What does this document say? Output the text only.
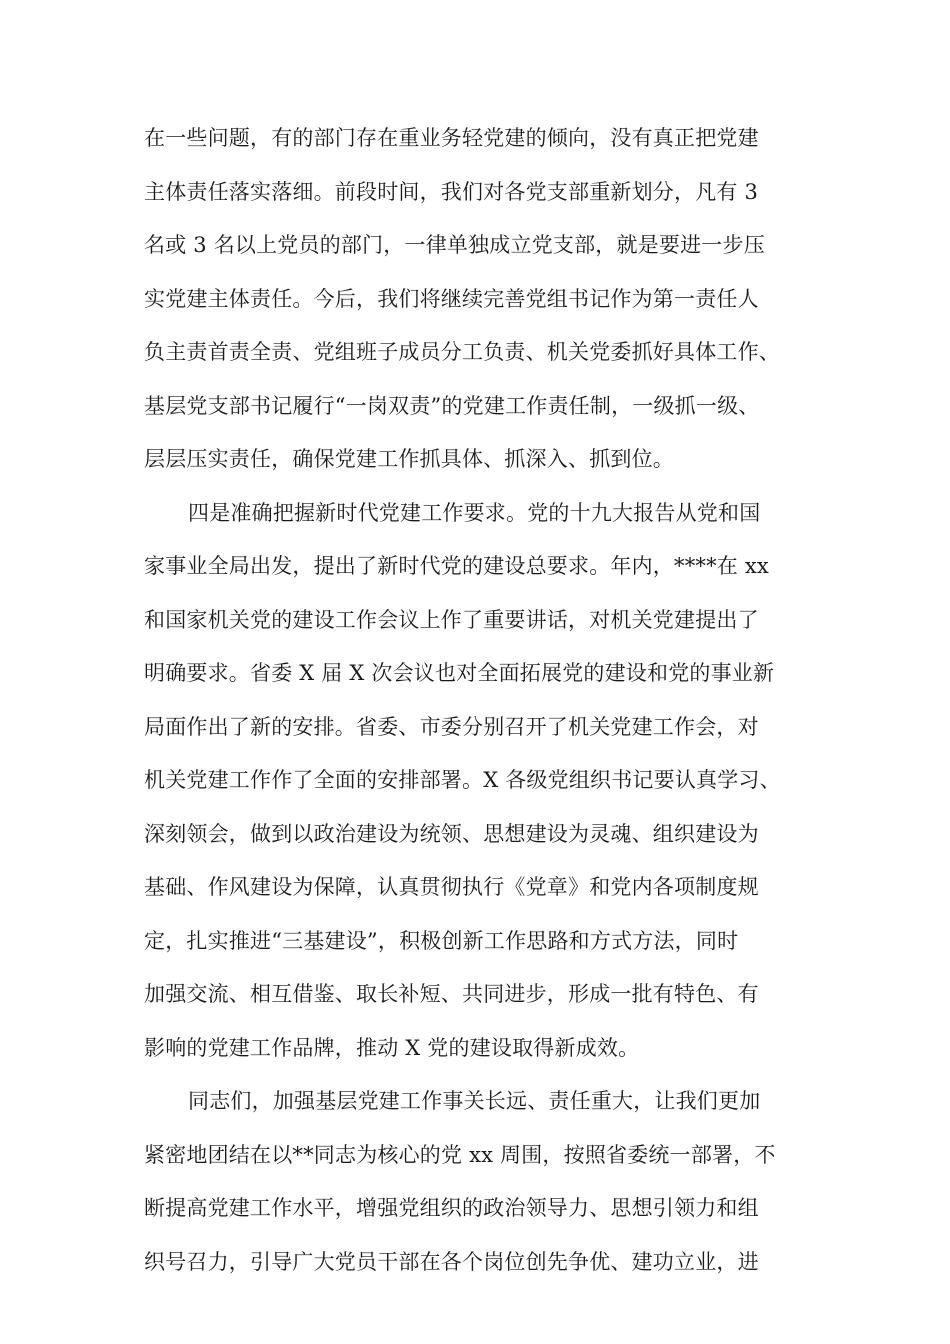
在一些问题，有的部门存在重业务轻党建的倾向，没有真正把党建
主体责任落实落细。前段时间，我们对各党支部重新划分，凡有 3
名或 3 名以上党员的部门，一律单独成立党支部，就是要进一步压
实党建主体责任。今后，我们将继续完善党组书记作为第一责任人
负主责首责全责、党组班子成员分工负责、机关党委抓好具体工作、
基层党支部书记履行“一岗双责”的党建工作责任制，一级抓一级、
层层压实责任，确保党建工作抓具体、抓深入、抓到位。
四是准确把握新时代党建工作要求。党的十九大报告从党和国
家事业全局出发，提出了新时代党的建设总要求。年内，****在 xx
和国家机关党的建设工作会议上作了重要讲话，对机关党建提出了
明确要求。省委 X 届 X 次会议也对全面拓展党的建设和党的事业新
局面作出了新的安排。省委、市委分别召开了机关党建工作会，对
机关党建工作作了全面的安排部署。X 各级党组织书记要认真学习、
深刻领会，做到以政治建设为统领、思想建设为灵魂、组织建设为
基础、作风建设为保障，认真贯彻执行《党章》和党内各项制度规
定，扎实推进“三基建设”，积极创新工作思路和方式方法，同时
加强交流、相互借鉴、取长补短、共同进步，形成一批有特色、有
影响的党建工作品牌，推动 X 党的建设取得新成效。
同志们，加强基层党建工作事关长远、责任重大，让我们更加
紧密地团结在以**同志为核心的党 xx 周围，按照省委统一部署，不
断提高党建工作水平，增强党组织的政治领导力、思想引领力和组
织号召力，引导广大党员干部在各个岗位创先争优、建功立业，进
